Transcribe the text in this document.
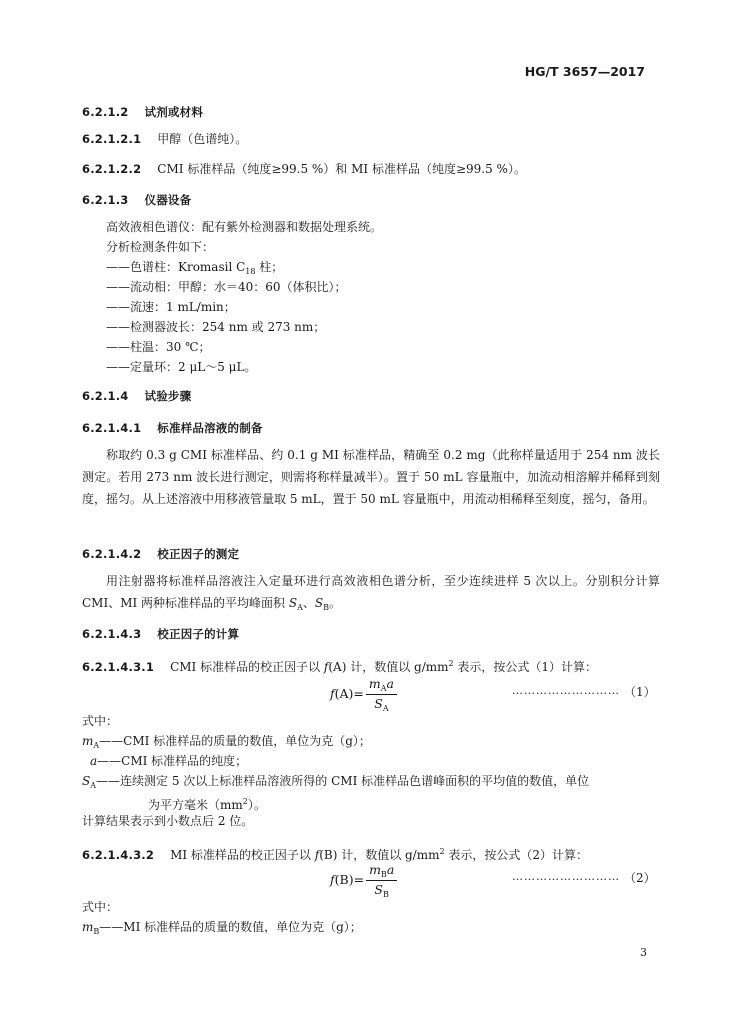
HG/T 3657—2017
6.2.1.2 试剂或材料
6.2.1.2.1 甲醇（色谱纯）。
6.2.1.2.2 CMI 标准样品（纯度≥99.5 %）和 MI 标准样品（纯度≥99.5 %）。
6.2.1.3 仪器设备
高效液相色谱仪：配有紫外检测器和数据处理系统。
分析检测条件如下：
——色谱柱：Kromasil $C_{18}$ 柱；
——流动相：甲醇：水＝40：60（体积比）；
——流速：1 mL/min；
——检测器波长：254 nm 或 273 nm；
——柱温：30 ℃；
——定量环：2 μL～5 μL。
6.2.1.4 试验步骤
6.2.1.4.1 标准样品溶液的制备
称取约 0.3 g CMI 标准样品、约 0.1 g MI 标准样品，精确至 0.2 mg（此称样量适用于 254 nm 波长测定。若用 273 nm 波长进行测定，则需将称样量减半）。置于 50 mL 容量瓶中，加流动相溶解并稀释到刻度，摇匀。从上述溶液中用移液管量取 5 mL，置于 50 mL 容量瓶中，用流动相稀释至刻度，摇匀，备用。
6.2.1.4.2 校正因子的测定
用注射器将标准样品溶液注入定量环进行高效液相色谱分析，至少连续进样 5 次以上。分别积分计算 CMI、MI 两种标准样品的平均峰面积 $S_A$、$S_B$。
6.2.1.4.3 校正因子的计算
6.2.1.4.3.1 CMI 标准样品的校正因子以 f(A) 计，数值以 $g/mm^2$ 表示，按公式（1）计算：
$f(A)= \frac{m_Aa}{S_A}$	……………………… （1）
式中：
$m_A——CMI$ 标准样品的质量的数值，单位为克（g）；
a——CMI 标准样品的纯度；
$S_A——$连续测定 5 次以上标准样品溶液所得的 CMI 标准样品色谱峰面积的平均值的数值，单位
为平方毫米$(mm^2)$。
计算结果表示到小数点后 2 位。
6.2.1.4.3.2 MI 标准样品的校正因子以 f(B) 计，数值以 $g/mm^2$ 表示，按公式（2）计算：
$f(B)= \frac{m_Ba}{S_B}$	……………………… （2）
式中：
$m_B——MI$ 标准样品的质量的数值，单位为克（g）；
3
